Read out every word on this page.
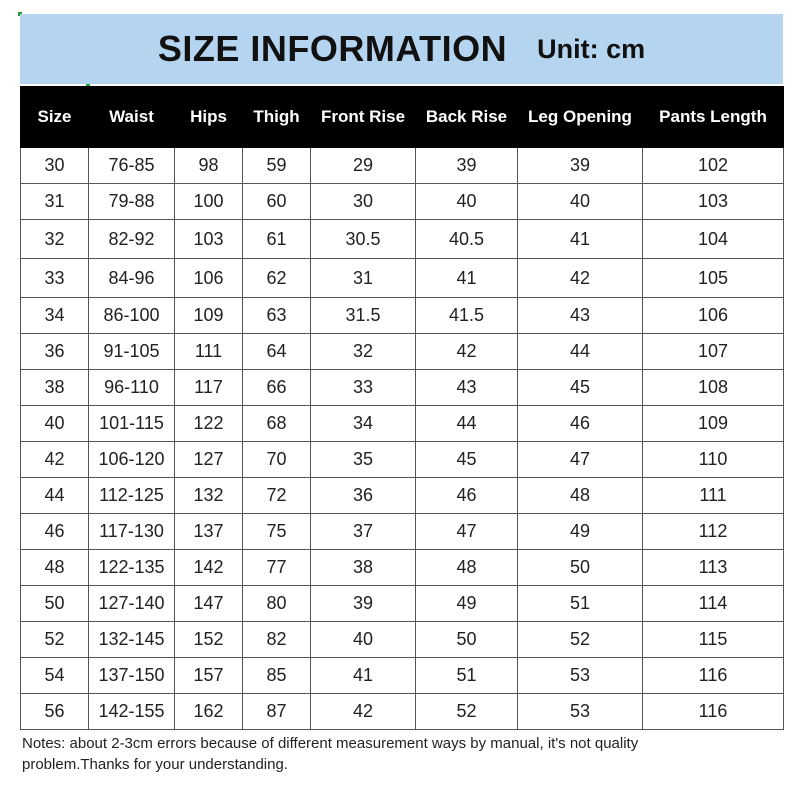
SIZE INFORMATION Unit: cm
Size	Waist	Hips	Thigh	Front Rise	Back Rise	Leg Opening	Pants Length
30	76-85	98	59	29	39	39	102
31	79-88	100	60	30	40	40	103
32	82-92	103	61	30.5	40.5	41	104
33	84-96	106	62	31	41	42	105
34	86-100	109	63	31.5	41.5	43	106
36	91-105	111	64	32	42	44	107
38	96-110	117	66	33	43	45	108
40	101-115	122	68	34	44	46	109
42	106-120	127	70	35	45	47	110
44	112-125	132	72	36	46	48	111
46	117-130	137	75	37	47	49	112
48	122-135	142	77	38	48	50	113
50	127-140	147	80	39	49	51	114
52	132-145	152	82	40	50	52	115
54	137-150	157	85	41	51	53	116
56	142-155	162	87	42	52	53	116
Notes: about 2-3cm errors because of different measurement ways by manual, it's not quality
problem.Thanks for your understanding.
